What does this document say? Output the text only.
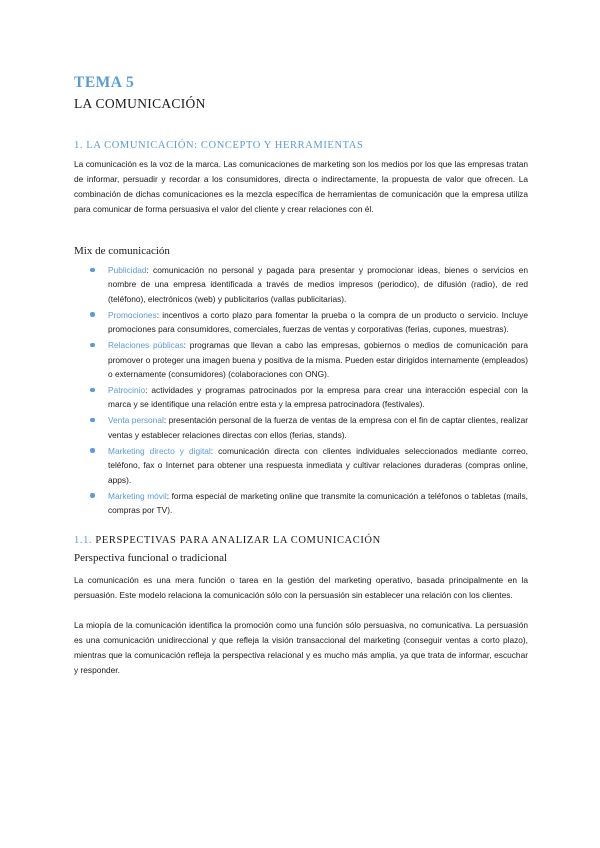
TEMA 5
LA COMUNICACIÓN
1. LA COMUNICACIÓN: CONCEPTO Y HERRAMIENTAS

La comunicación es la voz de la marca. Las comunicaciones de marketing son los medios por los que las empresas tratan de informar, persuadir y recordar a los consumidores, directa o indirectamente, la propuesta de valor que ofrecen. La combinación de dichas comunicaciones es la mezcla específica de herramientas de comunicación que la empresa utiliza para comunicar de forma persuasiva el valor del cliente y crear relaciones con él.

Mix de comunicación
Publicidad: comunicación no personal y pagada para presentar y promocionar ideas, bienes o servicios en nombre de una empresa identificada a través de medios impresos (periodico), de difusión (radio), de red (teléfono), electrónicos (web) y publicitarios (vallas publicitarias).
Promociones: incentivos a corto plazo para fomentar la prueba o la compra de un producto o servicio. Incluye promociones para consumidores, comerciales, fuerzas de ventas y corporativas (ferias, cupones, muestras).
Relaciones públicas: programas que llevan a cabo las empresas, gobiernos o medios de comunicación para promover o proteger una imagen buena y positiva de la misma. Pueden estar dirigidos internamente (empleados) o externamente (consumidores) (colaboraciones con ONG).
Patrocinio: actividades y programas patrocinados por la empresa para crear una interacción especial con la marca y se identifique una relación entre esta y la empresa patrocinadora (festivales).
Venta personal: presentación personal de la fuerza de ventas de la empresa con el fin de captar clientes, realizar ventas y establecer relaciones directas con ellos (ferias, stands).
Marketing directo y digital: comunicación directa con clientes individuales seleccionados mediante correo, teléfono, fax o Internet para obtener una respuesta inmediata y cultivar relaciones duraderas (compras online, apps).
Marketing móvil: forma especial de marketing online que transmite la comunicación a teléfonos o tabletas (mails, compras por TV).
1.1. PERSPECTIVAS PARA ANALIZAR LA COMUNICACIÓN
Perspectiva funcional o tradicional

La comunicación es una mera función o tarea en la gestión del marketing operativo, basada principalmente en la persuasión. Este modelo relaciona la comunicación sólo con la persuasión sin establecer una relación con los clientes.

La miopía de la comunicación identifica la promoción como una función sólo persuasiva, no comunicativa. La persuasión es una comunicación unidireccional y que refleja la visión transaccional del marketing (conseguir ventas a corto plazo), mientras que la comunicación refleja la perspectiva relacional y es mucho más amplia, ya que trata de informar, escuchar y responder.
